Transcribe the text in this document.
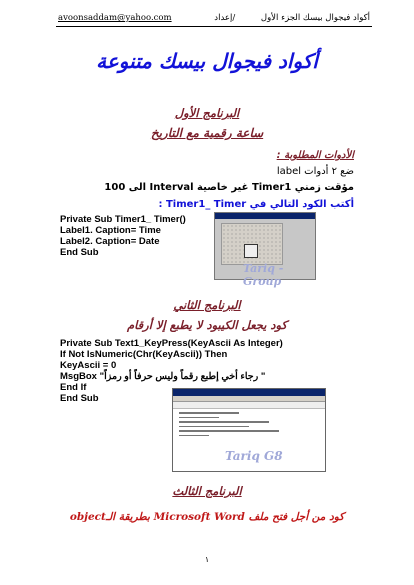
أكواد فيجوال بيسك الجزء الأول
avoonsaddam@yahoo.com	إعداد/
أكواد فيجوال بيسك متنوعة
البرنامج الأول
ساعة رقمية مع التاريخ
الأدوات المطلوبة :
ضع ٢ أدوات label
مؤقت زمني Timer1 غير خاصية Interval الى 100
أكتب الكود التالي في Timer1_ Timer :
Private Sub Timer1_ Timer()
Label1. Caption= Time
Label2. Caption= Date
End Sub
Tariq - Group
البرنامج الثاني
كود يجعل الكيبود لا يطبع إلا أرقام
Private Sub Text1_KeyPress(KeyAscii As Integer)
If Not IsNumeric(Chr(KeyAscii)) Then
KeyAscii = 0
MsgBox "رجاء أخي إطبع رقماً وليس حرفاً أو رمزاً "
End If
End Sub
Tariq G8
البرنامج الثالث
كود من أجل فتح ملف Microsoft Word بطريقة الـobject
١
